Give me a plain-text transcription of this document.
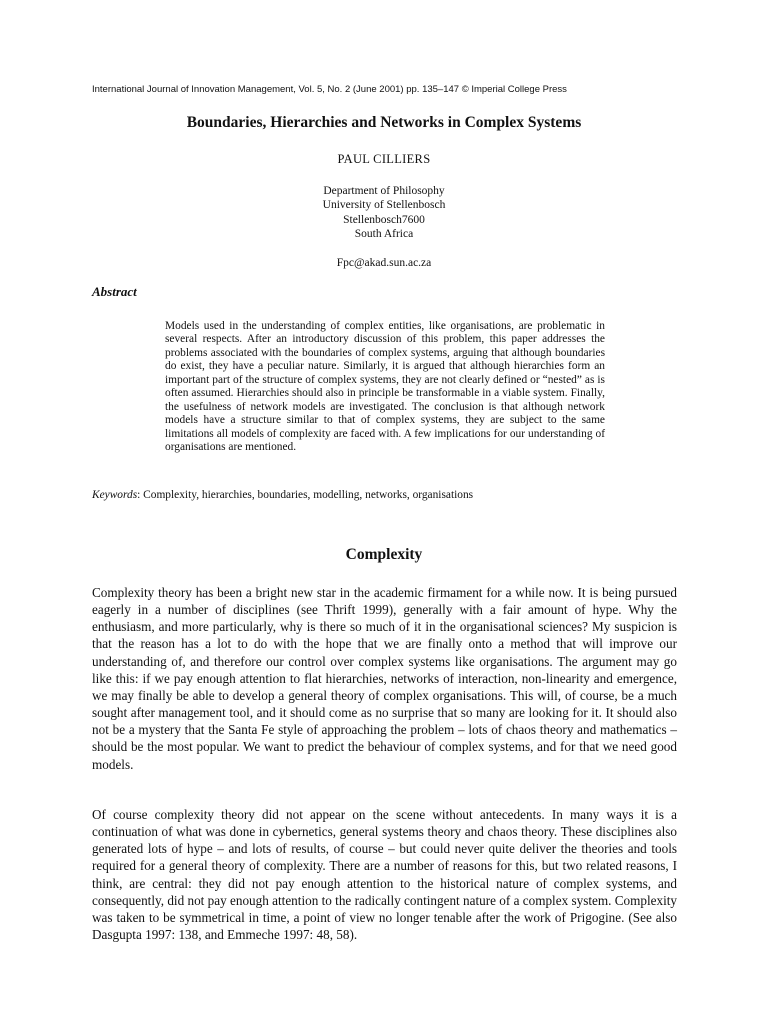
International Journal of Innovation Management, Vol. 5, No. 2 (June 2001) pp. 135–147 © Imperial College Press
Boundaries, Hierarchies and Networks in Complex Systems
PAUL CILLIERS
Department of Philosophy
University of Stellenbosch
Stellenbosch7600
South Africa
Fpc@akad.sun.ac.za
Abstract
Models used in the understanding of complex entities, like organisations, are problematic in several respects. After an introductory discussion of this problem, this paper addresses the problems associated with the boundaries of complex systems, arguing that although boundaries do exist, they have a peculiar nature. Similarly, it is argued that although hierarchies form an important part of the structure of complex systems, they are not clearly defined or “nested” as is often assumed. Hierarchies should also in principle be transformable in a viable system. Finally, the usefulness of network models are investigated. The conclusion is that although network models have a structure similar to that of complex systems, they are subject to the same limitations all models of complexity are faced with. A few implications for our understanding of organisations are mentioned.
Keywords: Complexity, hierarchies, boundaries, modelling, networks, organisations
Complexity
Complexity theory has been a bright new star in the academic firmament for a while now. It is being pursued eagerly in a number of disciplines (see Thrift 1999), generally with a fair amount of hype. Why the enthusiasm, and more particularly, why is there so much of it in the organisational sciences? My suspicion is that the reason has a lot to do with the hope that we are finally onto a method that will improve our understanding of, and therefore our control over complex systems like organisations. The argument may go like this: if we pay enough attention to flat hierarchies, networks of interaction, non-linearity and emergence, we may finally be able to develop a general theory of complex organisations. This will, of course, be a much sought after management tool, and it should come as no surprise that so many are looking for it. It should also not be a mystery that the Santa Fe style of approaching the problem – lots of chaos theory and mathematics – should be the most popular. We want to predict the behaviour of complex systems, and for that we need good models.
Of course complexity theory did not appear on the scene without antecedents. In many ways it is a continuation of what was done in cybernetics, general systems theory and chaos theory. These disciplines also generated lots of hype – and lots of results, of course – but could never quite deliver the theories and tools required for a general theory of complexity. There are a number of reasons for this, but two related reasons, I think, are central: they did not pay enough attention to the historical nature of complex systems, and consequently, did not pay enough attention to the radically contingent nature of a complex system. Complexity was taken to be symmetrical in time, a point of view no longer tenable after the work of Prigogine. (See also Dasgupta 1997: 138, and Emmeche 1997: 48, 58).
